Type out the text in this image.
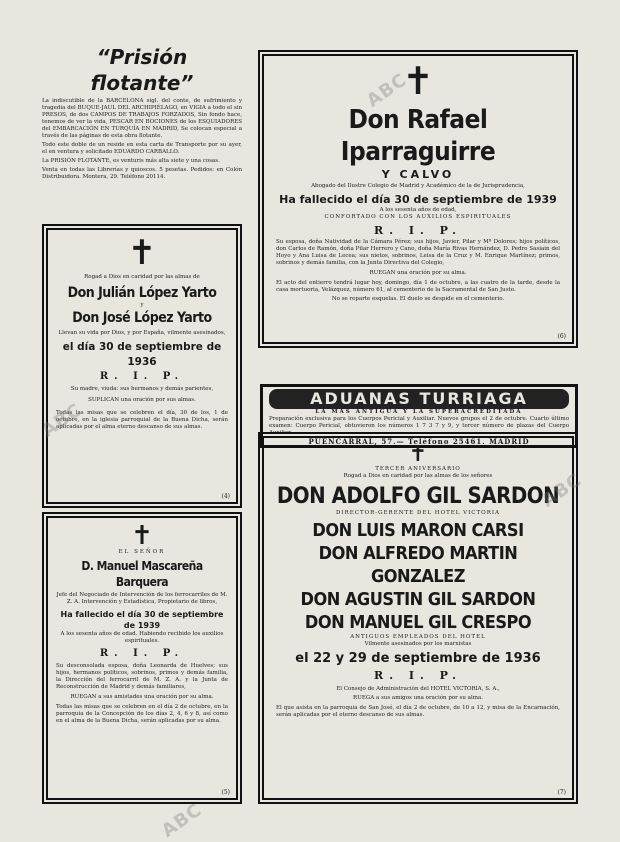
“Prisión flotante”
La indiscutible de la BARCELONA sigl. del conte, de sufrimiento y tragedia del BUQUE-JAUL DEL ARCHIPIÉLAGO, en VIGIA a todo el sin PRESOS, de dos CAMPOS DE TRABAJOS FORZADOS, Sin fondo hace, tenemos de ver la vida, PESCAR EN BOCIONES de los ESQUIADORES del EMBARCACIÓN EN TURQUÍA EN MADRID, Se colocan especial a través de las páginas de esta obra flotante.
Todo este doble de un reside en esta carta de Transporte por su ayer, el en ventura y solicitado EDUARDO CARBALLO.
La PRISIÓN FLOTANTE, es venturis más alta siete y una cosas.
Venta en todas las Librerías y quioscos. 5 pesetas. Pedidos: en Colón Distribuidora. Montera, 29. Teléfono 20114.
✝
Rogad a Dios en caridad por las almas de
Don Julián López Yarto
y
Don José López Yarto
Llevan su vida por Dios, y por España, vilmente asesinados,
el día 30 de septiembre de 1936
R. I. P.
Su madre, viuda: sus hermanos y demás parientes,
SUPLICAN una oración por sus almas.
Todas las misas que se celebren el día, 30 de los, 1 de octubre, en la iglesia parroquial de la Buena Dicha, serán aplicadas por el alma eterno descanso de sus almas.
(4)
✝
EL SEÑOR
D. Manuel Mascareña Barquera
Jefe del Negociado de Intervención de los ferrocarriles de M. Z. A. Intervención y Estadística, Propietario de libros,
Ha fallecido el día 30 de septiembre de 1939
A los sesenta años de edad. Habiendo recibido los auxilios espirituales.
R. I. P.
Su desconsolada esposa, doña Leonarda de Huelves; sus hijos, hermanos políticos, sobrinos, primos y demás familia, la Dirección del ferrocarril de M. Z. A. y la Junta de Reconstrucción de Madrid y demás familiares,
RUEGAN a sus amistades una oración por su alma.
Todas las misas que se celebren en el día 2 de octubre, en la parroquia de la Concepción de los días 2, 4, 6 y 8, así como en el alma de la Buena Dicha, serán aplicadas por su alma.
(5)
✝
Don Rafael Iparraguirre
Y CALVO
Abogado del Ilustre Colegio de Madrid y Académico de la de Jurisprudencia,
Ha fallecido el día 30 de septiembre de 1939
A los sesenta años de edad,
CONFORTADO CON LOS AUXILIOS ESPIRITUALES
R. I. P.
Su esposa, doña Natividad de la Cámara Pérez; sus hijos, Javier, Pilar y Mª Dolores; hijos políticos, don Carlos de Ramón, doña Pilar Herrero y Cano, doña María Rivas Hernández, D. Pedro Sasiain del Hoyo y Ana Luisa de Lecea; sus nietos, sobrinos, Leisa de la Cruz y M. Enrique Martínez; primos, sobrinos y demás familia, con la Junta Directiva del Colegio,
RUEGAN una oración por su alma.
El acto del entierro tendrá lugar hoy, domingo, día 1 de octubre, a las cuatro de la tarde, desde la casa mortuoria, Velázquez, número 61, al cementerio de la Sacramental de San Justo.
No se reparte esquelas. El duelo se despide en el cementerio.
(6)
ADUANAS TURRIAGA
LA MÁS ANTIGUA Y LA SUPERACREDITADA
Preparación exclusiva para los Cuerpos Pericial y Auxiliar. Nuevos grupos el 2 de octubre. Cuarto último examen: Cuerpo Pericial, obtuvieron los números 1 7 3 7 y 9, y tercer número de plazas del Cuerpo Auxiliar.
PUENCARRAL, 57.— Teléfono 25461. MADRID
✝
TERCER ANIVERSARIO
Rogad a Dios en caridad por las almas de los señores
DON ADOLFO GIL SARDON
DIRECTOR-GERENTE DEL HOTEL VICTORIA
DON LUIS MARON CARSI
DON ALFREDO MARTIN GONZALEZ
DON AGUSTIN GIL SARDON
DON MANUEL GIL CRESPO
ANTIGUOS EMPLEADOS DEL HOTEL
Vilmente asesinados por los marxistas
el 22 y 29 de septiembre de 1936
R. I. P.
El Consejo de Administración del HOTEL VICTORIA, S. A.,
RUEGA a sus amigos una oración por su alma.
El que asista en la parroquia de San José, el día 2 de octubre, de 10 a 12, y misa de la Encarnación, serán aplicadas por el eterno descanso de sus almas.
(7)
ABC
ABC
ABC
ABC
